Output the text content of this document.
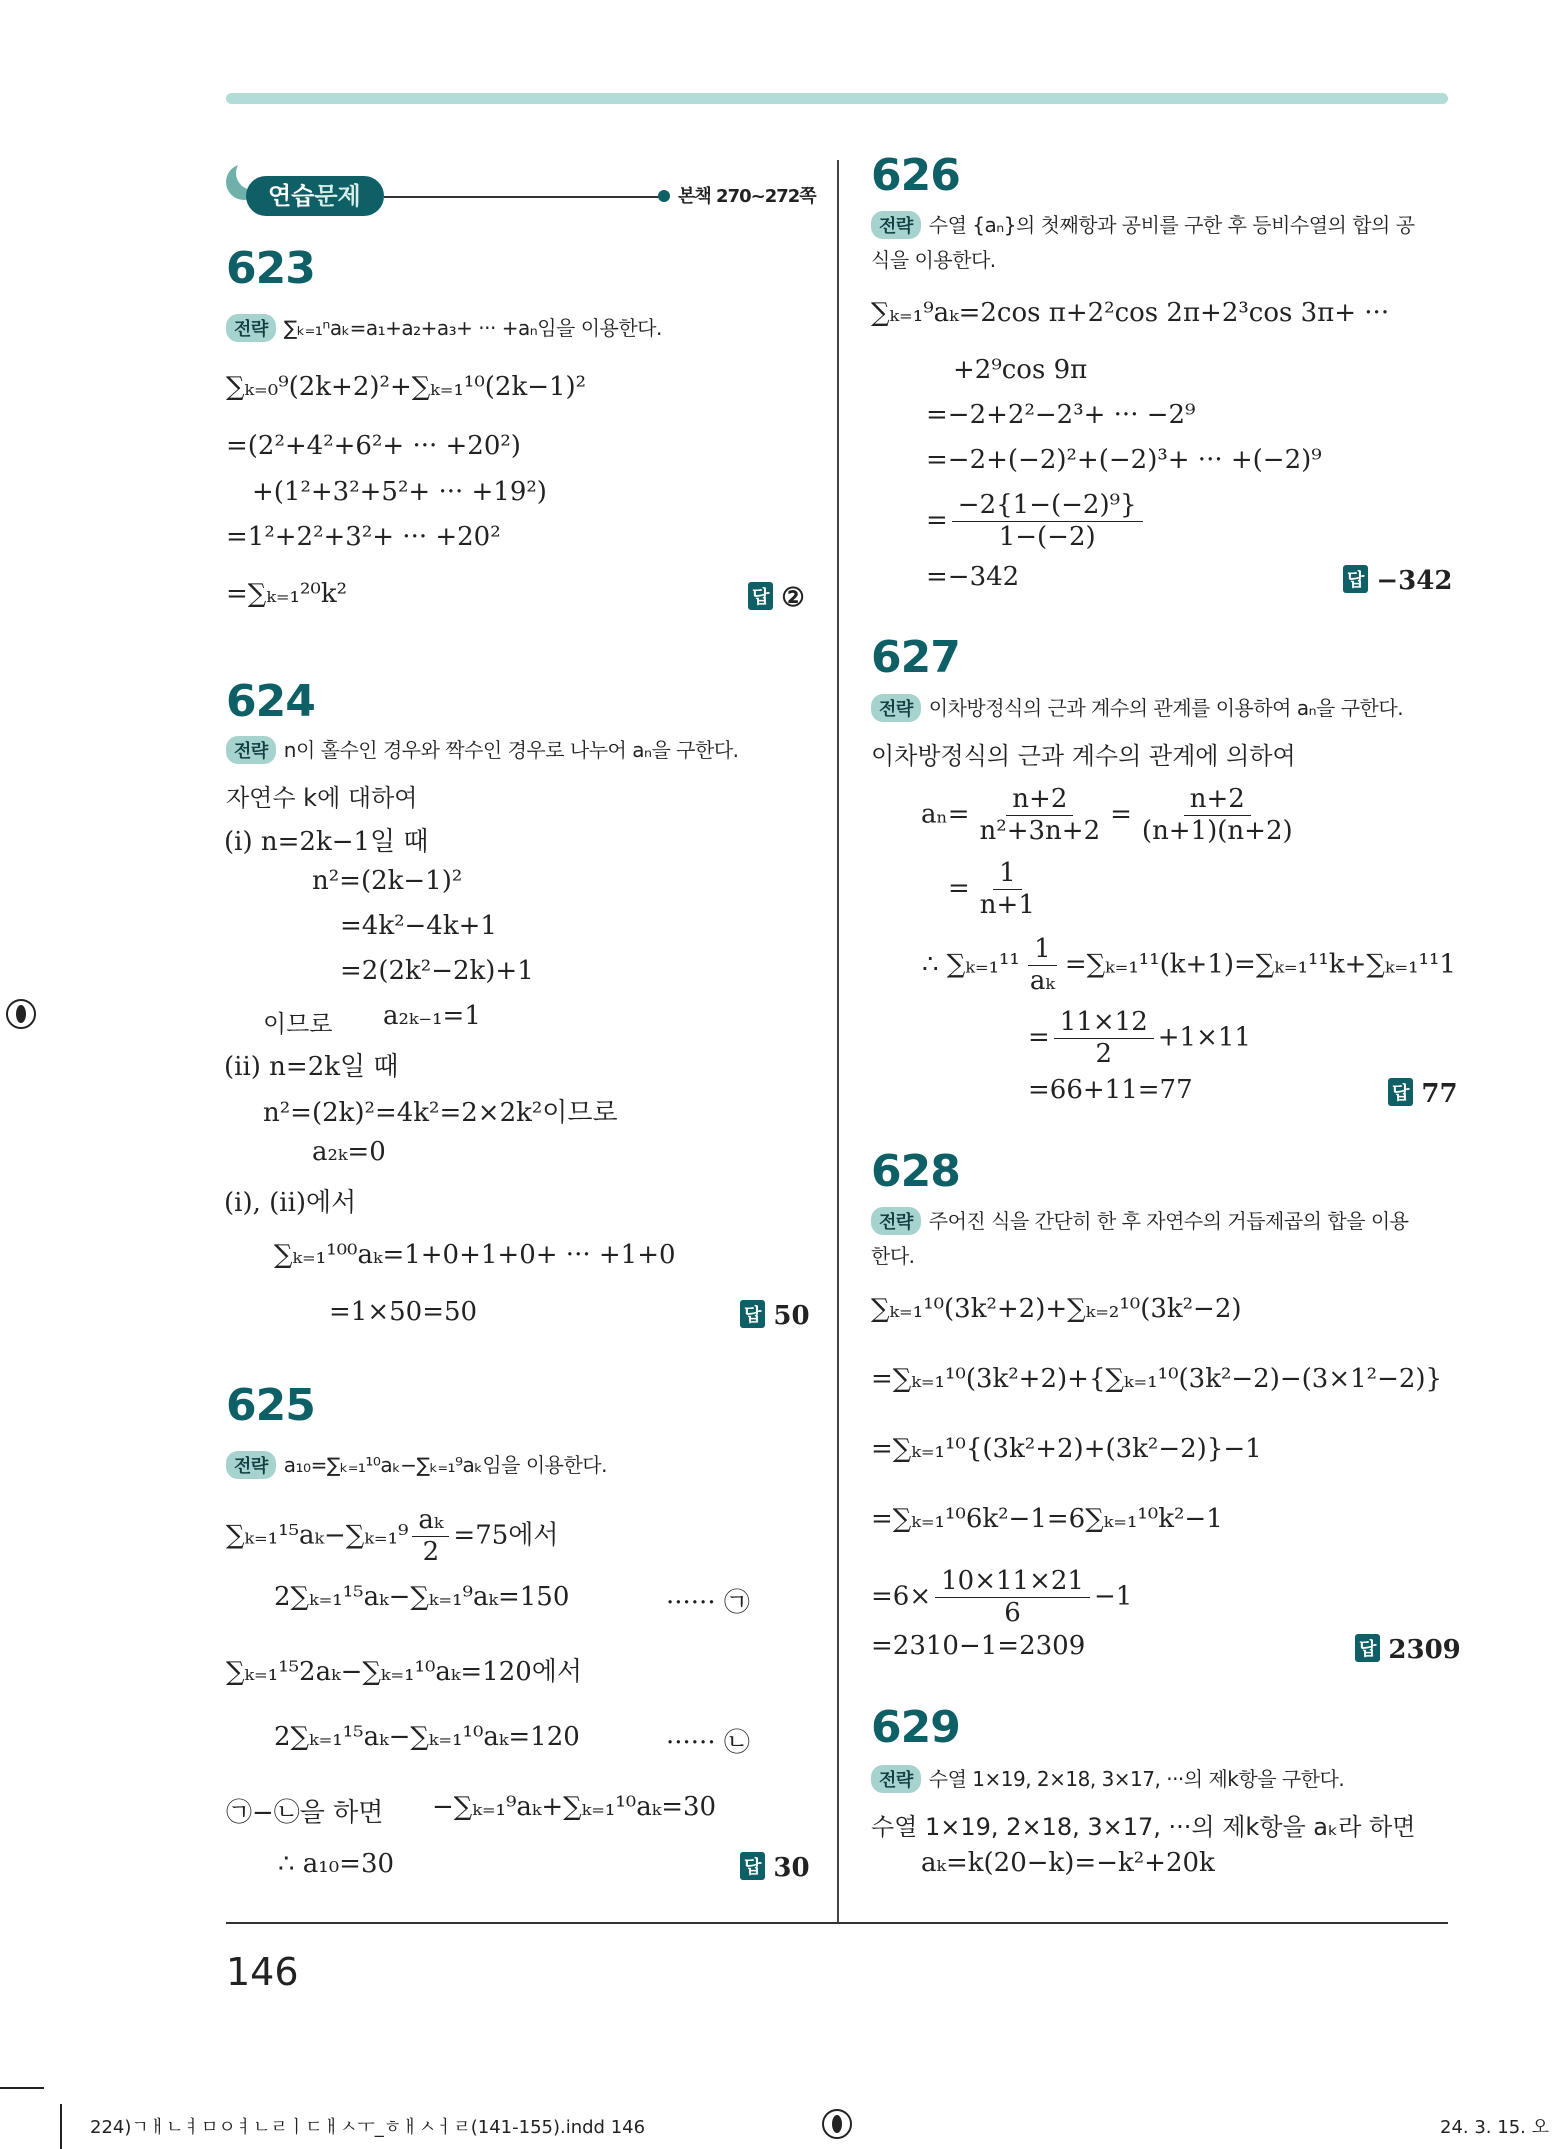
연습문제	본책 270~272쪽
623
전략 ∑ₖ₌₁ⁿaₖ=a₁+a₂+a₃+ ··· +aₙ임을 이용한다.
∑ₖ₌₀⁹(2k+2)²+∑ₖ₌₁¹⁰(2k−1)²
=(2²+4²+6²+ ··· +20²)
+(1²+3²+5²+ ··· +19²)
=1²+2²+3²+ ··· +20²
=∑ₖ₌₁²⁰k²	답 ②
624
전략 n이 홀수인 경우와 짝수인 경우로 나누어 aₙ을 구한다.
자연수 k에 대하여
(i) n=2k−1일 때
n²=(2k−1)²
=4k²−4k+1
=2(2k²−2k)+1
이므로 a₂ₖ₋₁=1
(ii) n=2k일 때
n²=(2k)²=4k²=2×2k²이므로
a₂ₖ=0
(i), (ii)에서
∑ₖ₌₁¹⁰⁰aₖ=1+0+1+0+ ··· +1+0
=1×50=50	답 50
625
전략 a₁₀=∑ₖ₌₁¹⁰aₖ−∑ₖ₌₁⁹aₖ임을 이용한다.
$\sum_{k=1}^{15}a_k-\sum_{k=1}^9 \frac{\text{aₖ}}{2} =75$에서
2∑ₖ₌₁¹⁵aₖ−∑ₖ₌₁⁹aₖ=150	······ ㉠
∑ₖ₌₁¹⁵2aₖ−∑ₖ₌₁¹⁰aₖ=120에서
2∑ₖ₌₁¹⁵aₖ−∑ₖ₌₁¹⁰aₖ=120	······ ㉡
㉠−㉡을 하면 −∑ₖ₌₁⁹aₖ+∑ₖ₌₁¹⁰aₖ=30
∴ a₁₀=30	답 30
626
전략 수열 {aₙ}의 첫째항과 공비를 구한 후 등비수열의 합의 공
식을 이용한다.
∑ₖ₌₁⁹aₖ=2cos π+2²cos 2π+2³cos 3π+ ···
+2⁹cos 9π
=−2+2²−2³+ ··· −2⁹
=−2+(−2)²+(−2)³+ ··· +(−2)⁹
= $\frac{\text{−2\{1−(−2)⁹\}}}{1-(-2)}$
=−342	답 −342
627
전략 이차방정식의 근과 계수의 관계를 이용하여 aₙ을 구한다.
이차방정식의 근과 계수의 관계에 의하여
$a_n= \frac{n+2}{\text{n²+3n+2}} = \frac{n+2}{(n+1)(n+2)}$
= $\frac{1}{n+1}$
∴ $\sum_{k=1}^{11} \frac{1}{\text{aₖ}} =\sum_{k=1}^{11}(k+1)=\sum_{k=1}^{11}k+\sum_{k=1}^{11}1$
= $\frac{11\times 12}{2} +1\times 11$
=66+11=77	답 77
628
전략 주어진 식을 간단히 한 후 자연수의 거듭제곱의 합을 이용
한다.
∑ₖ₌₁¹⁰(3k²+2)+∑ₖ₌₂¹⁰(3k²−2)
=∑ₖ₌₁¹⁰(3k²+2)+{∑ₖ₌₁¹⁰(3k²−2)−(3×1²−2)}
=∑ₖ₌₁¹⁰{(3k²+2)+(3k²−2)}−1
=∑ₖ₌₁¹⁰6k²−1=6∑ₖ₌₁¹⁰k²−1
$=6\times \frac{10\times 11\times 21}{6} -1$
=2310−1=2309	답 2309
629
전략 수열 1×19, 2×18, 3×17, ···의 제k항을 구한다.
수열 1×19, 2×18, 3×17, ···의 제k항을 aₖ라 하면
aₖ=k(20−k)=−k²+20k
146
224)ㄱㅐㄴㅕㅁㅇㅕㄴㄹㅣㄷㅐㅅㅜ_ㅎㅐㅅㅓㄹ(141-155).indd 146	24. 3. 15. 오
